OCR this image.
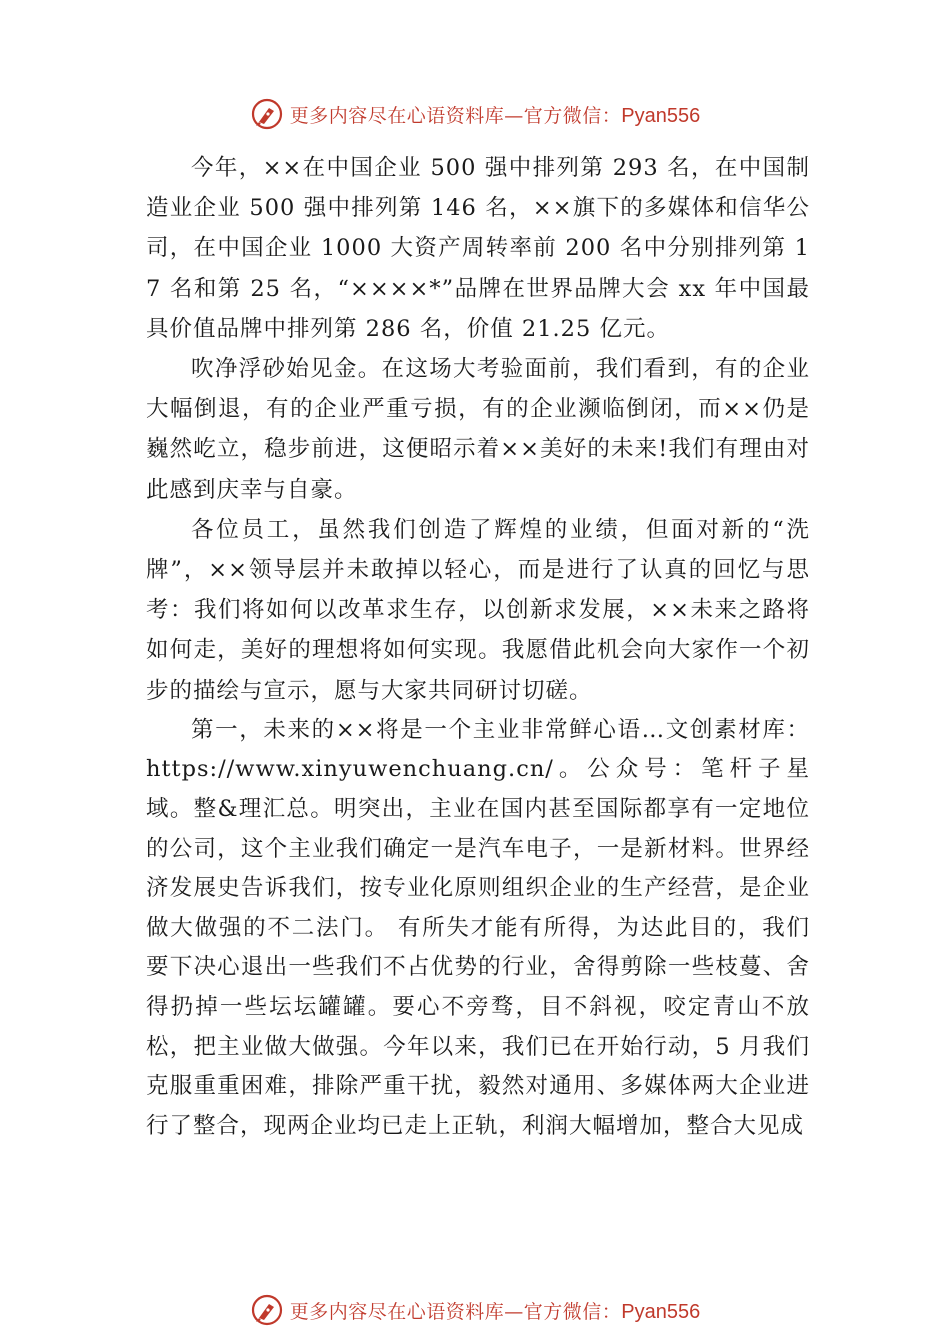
更多内容尽在心语资料库—官方微信：Pyan556

今年，××在中国企业 500 强中排列第 293 名，在中国制造业企业 500 强中排列第 146 名，××旗下的多媒体和信华公司，在中国企业 1000 大资产周转率前 200 名中分别排列第 17 名和第 25 名，“××××*”品牌在世界品牌大会 xx 年中国最具价值品牌中排列第 286 名，价值 21.25 亿元。

吹净浮砂始见金。在这场大考验面前，我们看到，有的企业大幅倒退，有的企业严重亏损，有的企业濒临倒闭，而××仍是巍然屹立，稳步前进，这便昭示着××美好的未来!我们有理由对此感到庆幸与自豪。

各位员工，虽然我们创造了辉煌的业绩，但面对新的“洗牌”，××领导层并未敢掉以轻心，而是进行了认真的回忆与思考：我们将如何以改革求生存，以创新求发展，××未来之路将如何走，美好的理想将如何实现。我愿借此机会向大家作一个初步的描绘与宣示，愿与大家共同研讨切磋。

第一，未来的××将是一个主业非常鲜心语…文创素材库：https://www.xinyuwenchuang.cn/。公众号：笔杆子星域。整&理汇总。明突出，主业在国内甚至国际都享有一定地位的公司，这个主业我们确定一是汽车电子，一是新材料。世界经济发展史告诉我们，按专业化原则组织企业的生产经营，是企业做大做强的不二法门。 有所失才能有所得，为达此目的，我们要下决心退出一些我们不占优势的行业，舍得剪除一些枝蔓、舍得扔掉一些坛坛罐罐。要心不旁骛，目不斜视，咬定青山不放松，把主业做大做强。今年以来，我们已在开始行动，5 月我们克服重重困难，排除严重干扰，毅然对通用、多媒体两大企业进行了整合，现两企业均已走上正轨，利润大幅增加，整合大见成

更多内容尽在心语资料库—官方微信：Pyan556
